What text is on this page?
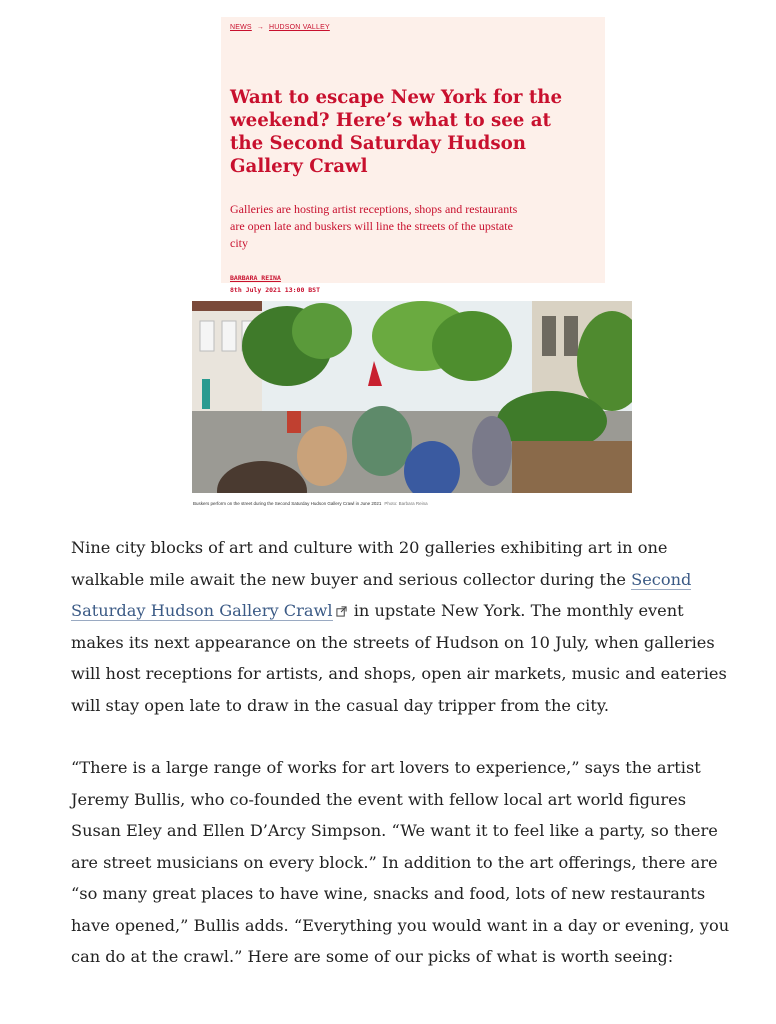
NEWS → HUDSON VALLEY
Want to escape New York for the weekend? Here’s what to see at the Second Saturday Hudson Gallery Crawl

Galleries are hosting artist receptions, shops and restaurants are open late and buskers will line the streets of the upstate city

BARBARA REINA
8th July 2021 13:00 BST
Buskers perform on the street during the Second Saturday Hudson Gallery Crawl in June 2021 Photo: Barbara Reina

Nine city blocks of art and culture with 20 galleries exhibiting art in one walkable mile await the new buyer and serious collector during the Second Saturday Hudson Gallery Crawl in upstate New York. The monthly event makes its next appearance on the streets of Hudson on 10 July, when galleries will host receptions for artists, and shops, open air markets, music and eateries will stay open late to draw in the casual day tripper from the city.

“There is a large range of works for art lovers to experience,” says the artist Jeremy Bullis, who co-founded the event with fellow local art world figures Susan Eley and Ellen D’Arcy Simpson. “We want it to feel like a party, so there are street musicians on every block.” In addition to the art offerings, there are “so many great places to have wine, snacks and food, lots of new restaurants have opened,” Bullis adds. “Everything you would want in a day or evening, you can do at the crawl.” Here are some of our picks of what is worth seeing:
